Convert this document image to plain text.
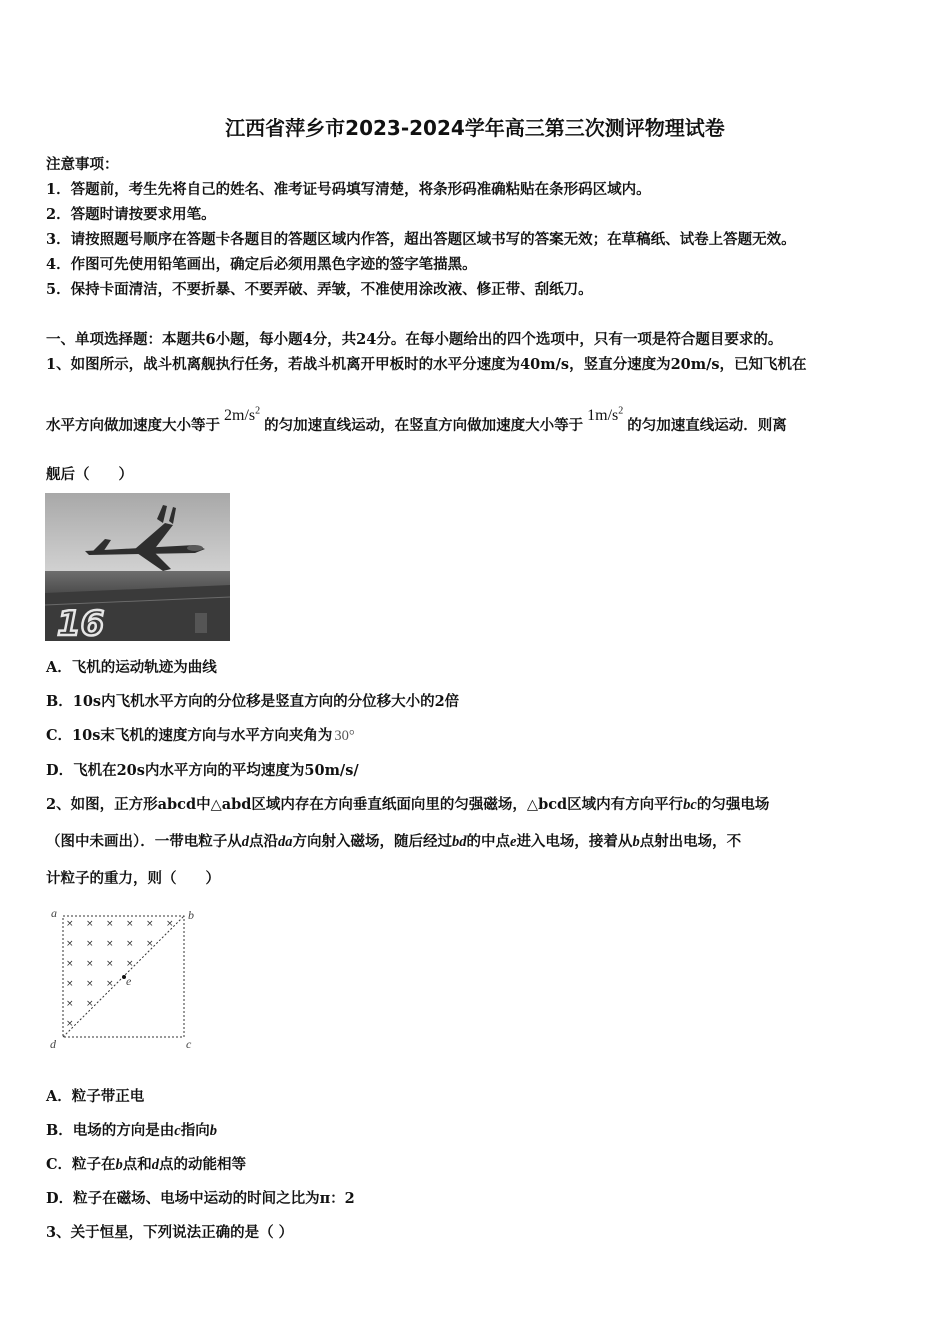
江西省萍乡市2023-2024学年高三第三次测评物理试卷
注意事项：
1．答题前，考生先将自己的姓名、准考证号码填写清楚，将条形码准确粘贴在条形码区域内。
2．答题时请按要求用笔。
3．请按照题号顺序在答题卡各题目的答题区域内作答，超出答题区域书写的答案无效；在草稿纸、试卷上答题无效。
4．作图可先使用铅笔画出，确定后必须用黑色字迹的签字笔描黑。
5．保持卡面清洁，不要折暴、不要弄破、弄皱，不准使用涂改液、修正带、刮纸刀。
一、单项选择题：本题共6小题，每小题4分，共24分。在每小题给出的四个选项中，只有一项是符合题目要求的。
1、如图所示，战斗机离舰执行任务，若战斗机离开甲板时的水平分速度为40m/s，竖直分速度为20m/s，已知飞机在
水平方向做加速度大小等于$2m/s^2$的匀加速直线运动，在竖直方向做加速度大小等于$1m/s^2$的匀加速直线运动．则离
舰后（　　）
16
A．飞机的运动轨迹为曲线
B．10s内飞机水平方向的分位移是竖直方向的分位移大小的2倍
C．10s末飞机的速度方向与水平方向夹角为 30°
D．飞机在20s内水平方向的平均速度为50m/s/
2、如图，正方形abcd中△abd区域内存在方向垂直纸面向里的匀强磁场，△bcd区域内有方向平行bc的匀强电场
（图中未画出）．一带电粒子从d点沿da方向射入磁场，随后经过bd的中点e进入电场，接着从b点射出电场，不
计粒子的重力，则（　　）
a	b
c
d
e
× × × × × ×
× × × × ×
× × × ×
× × ×
× ×
×
A．粒子带正电
B．电场的方向是由c指向b
C．粒子在b点和d点的动能相等
D．粒子在磁场、电场中运动的时间之比为π：2
3、关于恒星，下列说法正确的是（ ）
